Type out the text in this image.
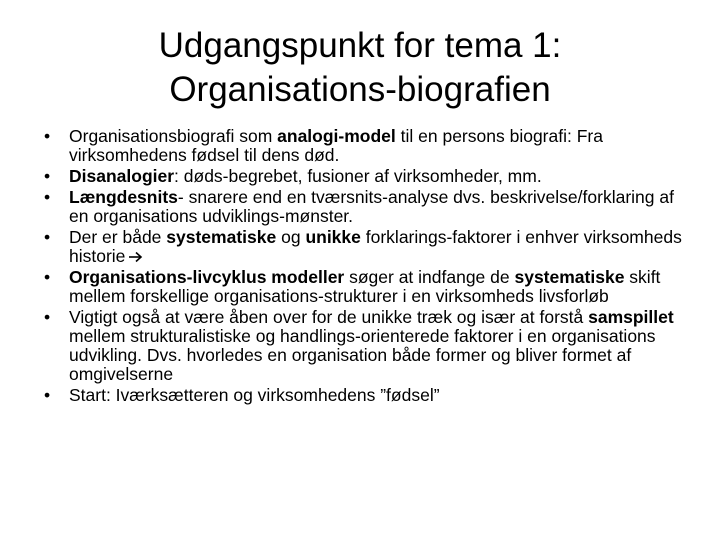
Udgangspunkt for tema 1:
Organisations-biografien
• Organisationsbiografi som analogi-model til en persons biografi: Fra virksomhedens fødsel til dens død.
• Disanalogier: døds-begrebet, fusioner af virksomheder, mm.
• Længdesnits- snarere end en tværsnits-analyse dvs. beskrivelse/forklaring af en organisations udviklings-mønster.
• Der er både systematiske og unikke forklarings-faktorer i enhver virksomheds historie
• Organisations-livcyklus modeller søger at indfange de systematiske skift mellem forskellige organisations-strukturer i en virksomheds livsforløb
• Vigtigt også at være åben over for de unikke træk og især at forstå samspillet mellem strukturalistiske og handlings-orienterede faktorer i en organisations udvikling. Dvs. hvorledes en organisation både former og bliver formet af omgivelserne
• Start: Iværksætteren og virksomhedens ”fødsel”
